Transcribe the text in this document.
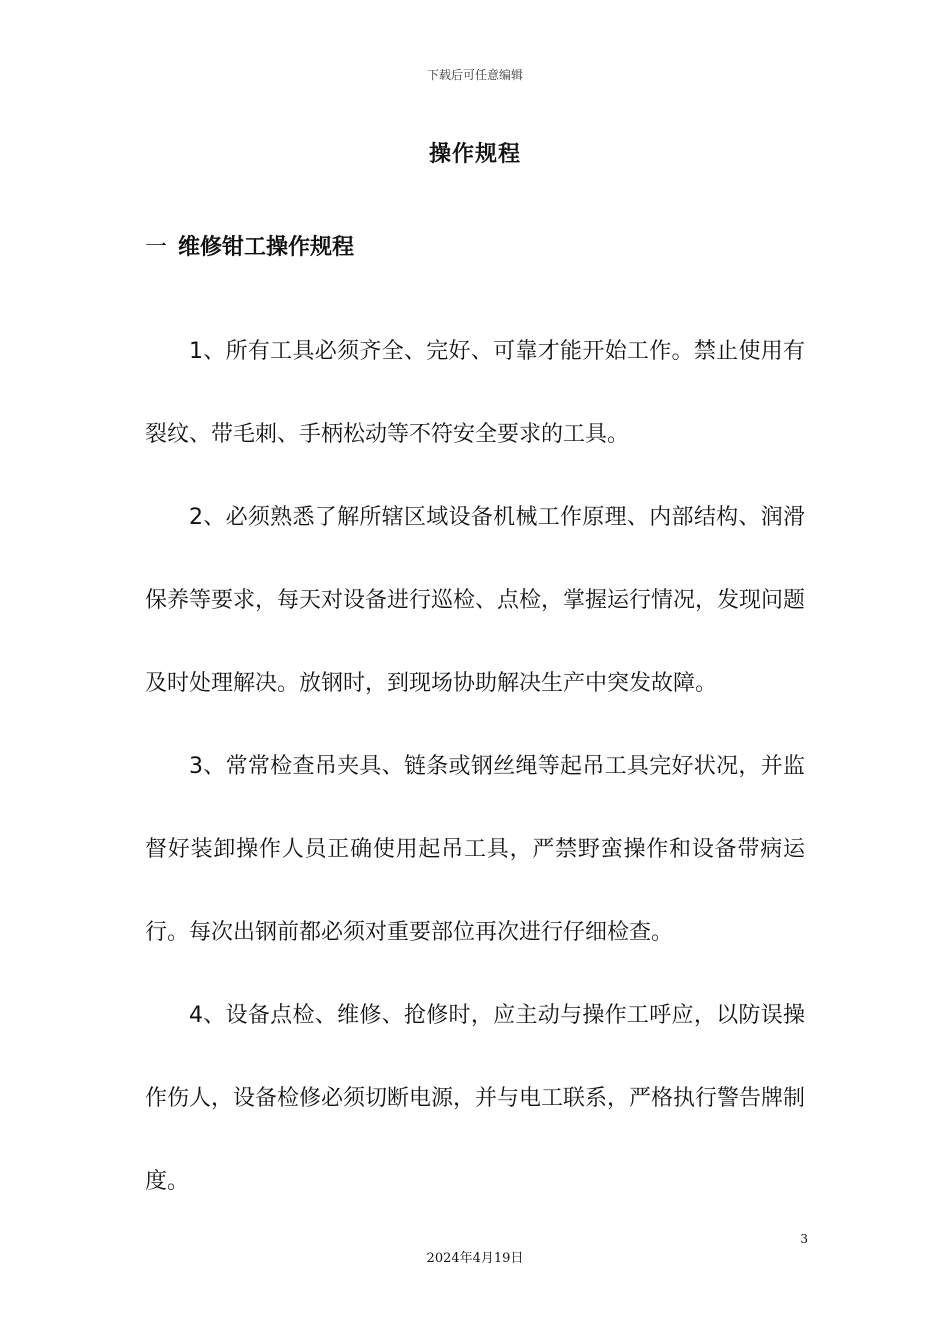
下载后可任意编辑
操作规程
一 维修钳工操作规程

1、所有工具必须齐全、完好、可靠才能开始工作。禁止使用有裂纹、带毛刺、手柄松动等不符安全要求的工具。

2、必须熟悉了解所辖区域设备机械工作原理、内部结构、润滑保养等要求，每天对设备进行巡检、点检，掌握运行情况，发现问题及时处理解决。放钢时，到现场协助解决生产中突发故障。

3、常常检查吊夹具、链条或钢丝绳等起吊工具完好状况，并监督好装卸操作人员正确使用起吊工具，严禁野蛮操作和设备带病运行。每次出钢前都必须对重要部位再次进行仔细检查。

4、设备点检、维修、抢修时，应主动与操作工呼应，以防误操作伤人，设备检修必须切断电源，并与电工联系，严格执行警告牌制度。

3
2024年4月19日
